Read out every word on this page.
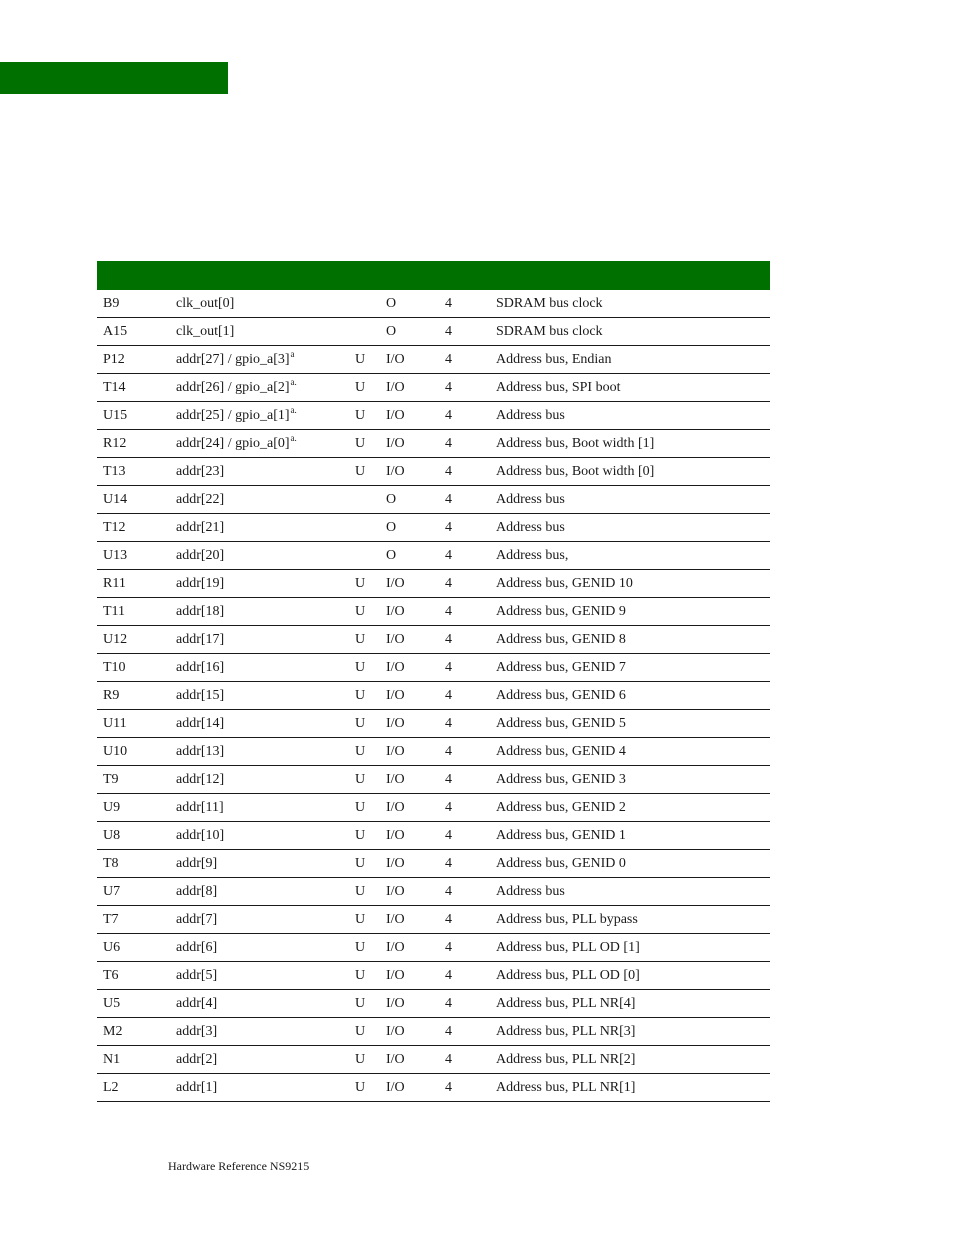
B9	clk_out[0]		O	4	SDRAM bus clock
A15	clk_out[1]		O	4	SDRAM bus clock
P12	addr[27] / gpio_a[3]$^a$	U	I/O	4	Address bus, Endian
T14	addr[26] / gpio_a[2]$^{a.}$	U	I/O	4	Address bus, SPI boot
U15	addr[25] / gpio_a[1]$^{a.}$	U	I/O	4	Address bus
R12	addr[24] / gpio_a[0]$^{a.}$	U	I/O	4	Address bus, Boot width [1]
T13	addr[23]	U	I/O	4	Address bus, Boot width [0]
U14	addr[22]		O	4	Address bus
T12	addr[21]		O	4	Address bus
U13	addr[20]		O	4	Address bus,
R11	addr[19]	U	I/O	4	Address bus, GENID 10
T11	addr[18]	U	I/O	4	Address bus, GENID 9
U12	addr[17]	U	I/O	4	Address bus, GENID 8
T10	addr[16]	U	I/O	4	Address bus, GENID 7
R9	addr[15]	U	I/O	4	Address bus, GENID 6
U11	addr[14]	U	I/O	4	Address bus, GENID 5
U10	addr[13]	U	I/O	4	Address bus, GENID 4
T9	addr[12]	U	I/O	4	Address bus, GENID 3
U9	addr[11]	U	I/O	4	Address bus, GENID 2
U8	addr[10]	U	I/O	4	Address bus, GENID 1
T8	addr[9]	U	I/O	4	Address bus, GENID 0
U7	addr[8]	U	I/O	4	Address bus
T7	addr[7]	U	I/O	4	Address bus, PLL bypass
U6	addr[6]	U	I/O	4	Address bus, PLL OD [1]
T6	addr[5]	U	I/O	4	Address bus, PLL OD [0]
U5	addr[4]	U	I/O	4	Address bus, PLL NR[4]
M2	addr[3]	U	I/O	4	Address bus, PLL NR[3]
N1	addr[2]	U	I/O	4	Address bus, PLL NR[2]
L2	addr[1]	U	I/O	4	Address bus, PLL NR[1]
Hardware Reference NS9215
